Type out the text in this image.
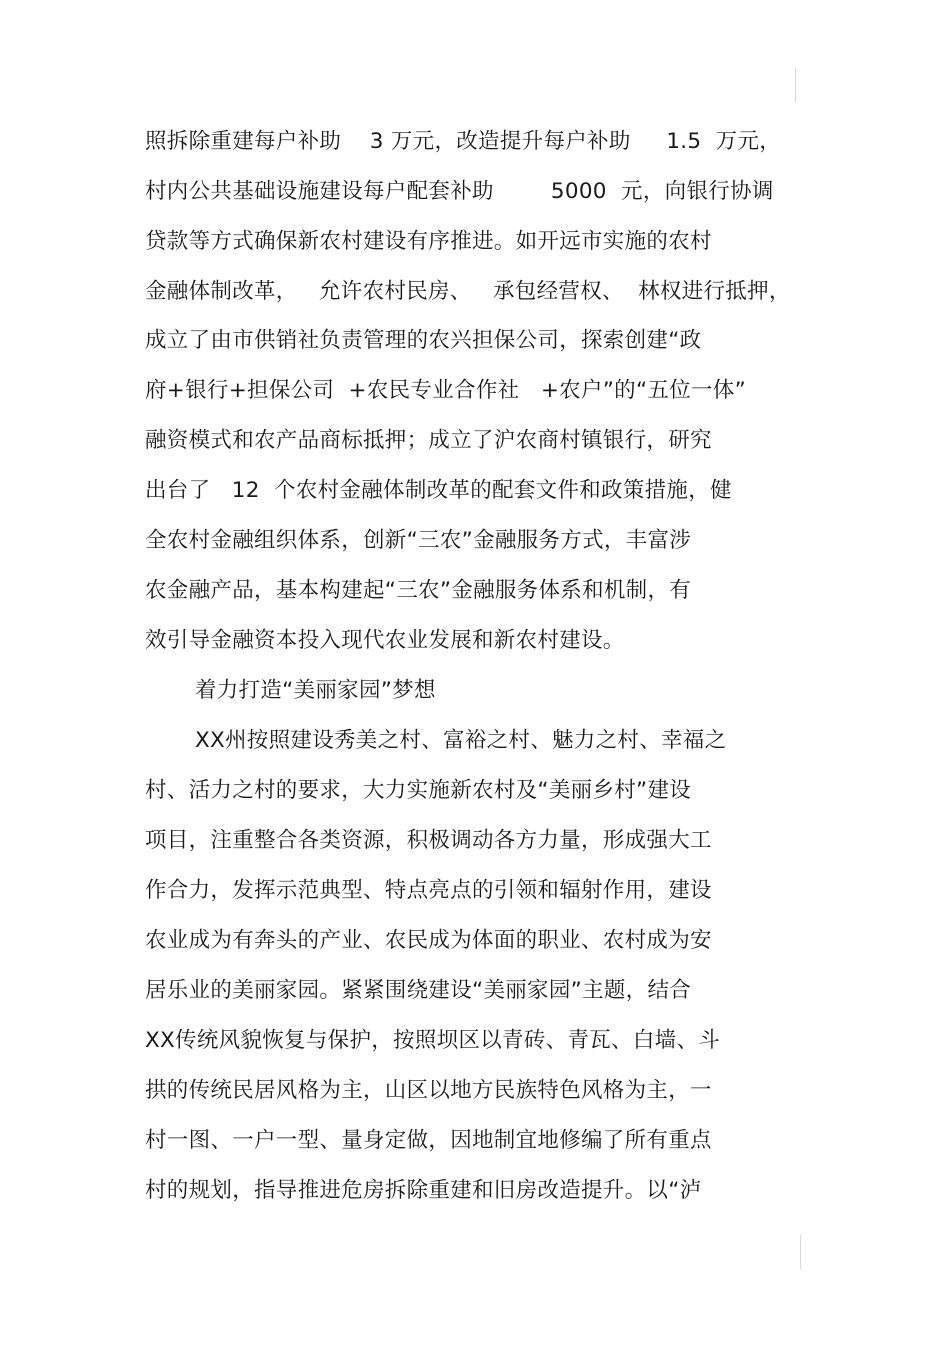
照拆除重建每户补助    3 万元，改造提升每户补助     1.5  万元，
村内公共基础设施建设每户配套补助        5000  元，向银行协调
贷款等方式确保新农村建设有序推进。如开远市实施的农村
金融体制改革，   允许农村民房、   承包经营权、  林权进行抵押，
成立了由市供销社负责管理的农兴担保公司，探索创建“政
府+银行+担保公司  +农民专业合作社   +农户”的“五位一体”
融资模式和农产品商标抵押；成立了沪农商村镇银行，研究
出台了   12  个农村金融体制改革的配套文件和政策措施，健
全农村金融组织体系，创新“三农”金融服务方式，丰富涉
农金融产品，基本构建起“三农”金融服务体系和机制，有
效引导金融资本投入现代农业发展和新农村建设。
着力打造“美丽家园”梦想
XX州按照建设秀美之村、富裕之村、魅力之村、幸福之
村、活力之村的要求，大力实施新农村及“美丽乡村”建设
项目，注重整合各类资源，积极调动各方力量，形成强大工
作合力，发挥示范典型、特点亮点的引领和辐射作用，建设
农业成为有奔头的产业、农民成为体面的职业、农村成为安
居乐业的美丽家园。紧紧围绕建设“美丽家园”主题，结合
XX传统风貌恢复与保护，按照坝区以青砖、青瓦、白墙、斗
拱的传统民居风格为主，山区以地方民族特色风格为主，一
村一图、一户一型、量身定做，因地制宜地修编了所有重点
村的规划，指导推进危房拆除重建和旧房改造提升。以“泸
